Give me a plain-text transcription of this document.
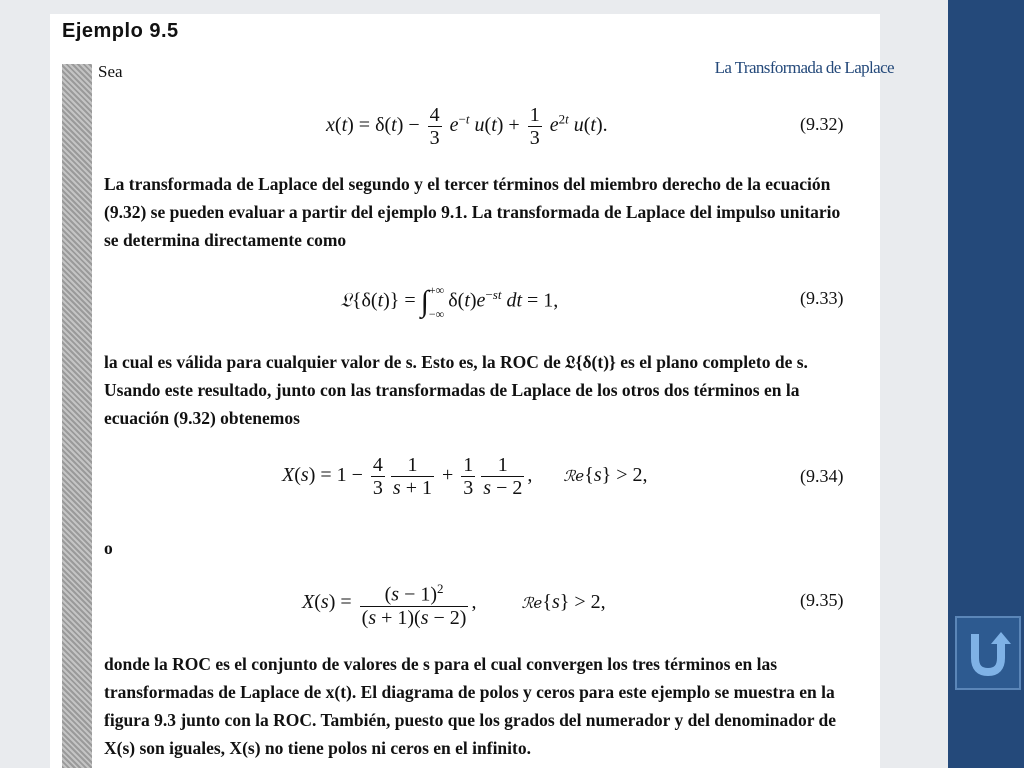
Ejemplo 9.5
Sea	La Transformada de Laplace
$x(t) = \delta(t) - \frac{4}{3} e^{-t}$ $u(t) + \frac{1}{3} e^{2t}$ u(t).	(9.32)
La transformada de Laplace del segundo y el tercer términos del miembro derecho de la ecuación (9.32) se pueden evaluar a partir del ejemplo 9.1. La transformada de Laplace del impulso unitario se determina directamente como
𝔏{δ(t)} = ∫+∞
$-\infty\delta(t)e^{-st}$ dt = 1,	(9.33)
la cual es válida para cualquier valor de s. Esto es, la ROC de 𝔏{δ(t)} es el plano completo de s. Usando este resultado, junto con las transformadas de Laplace de los otros dos términos en la ecuación (9.32) obtenemos
$X(s) = 1 - \frac{4}{3} \frac{1}{s + 1} + \frac{1}{3} \frac{1}{s - 2}$ , ℛ𝑒{s} > 2,	(9.34)
o
$X(s) = \frac{(s - 1)^2}{(s + 1)(s - 2)}$ ,	ℛ𝑒{s} > 2,	(9.35)
donde la ROC es el conjunto de valores de s para el cual convergen los tres términos en las transformadas de Laplace de x(t). El diagrama de polos y ceros para este ejemplo se muestra en la figura 9.3 junto con la ROC. También, puesto que los grados del numerador y del denominador de X(s) son iguales, X(s) no tiene polos ni ceros en el infinito.
